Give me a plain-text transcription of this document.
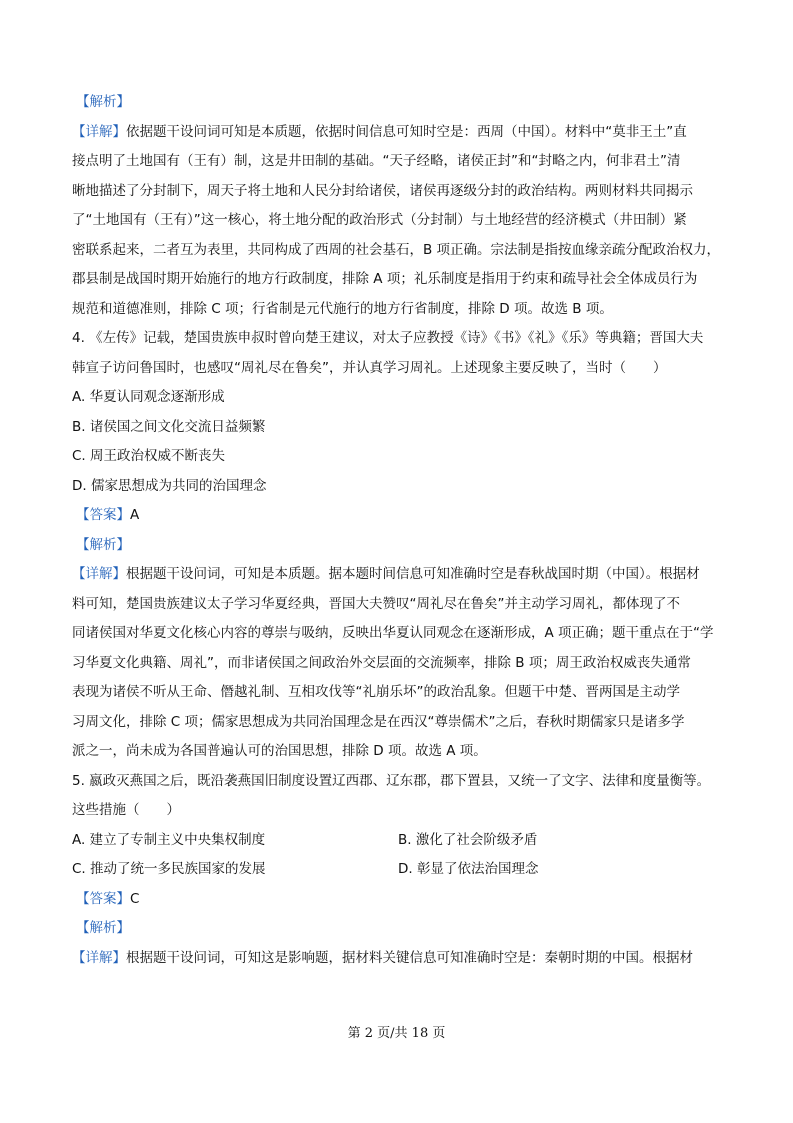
【解析】
【详解】依据题干设问词可知是本质题，依据时间信息可知时空是：西周（中国）。材料中“莫非王土”直
接点明了土地国有（王有）制，这是井田制的基础。“天子经略，诸侯正封”和“封略之内，何非君土”清
晰地描述了分封制下，周天子将土地和人民分封给诸侯，诸侯再逐级分封的政治结构。两则材料共同揭示
了“土地国有（王有）”这一核心，将土地分配的政治形式（分封制）与土地经营的经济模式（井田制）紧
密联系起来，二者互为表里，共同构成了西周的社会基石，B 项正确。宗法制是指按血缘亲疏分配政治权力，
郡县制是战国时期开始施行的地方行政制度，排除 A 项；礼乐制度是指用于约束和疏导社会全体成员行为
规范和道德准则，排除 C 项；行省制是元代施行的地方行省制度，排除 D 项。故选 B 项。
4. 《左传》记载，楚国贵族申叔时曾向楚王建议，对太子应教授《诗》《书》《礼》《乐》等典籍；晋国大夫
韩宣子访问鲁国时，也感叹“周礼尽在鲁矣”，并认真学习周礼。上述现象主要反映了，当时（　　）
A. 华夏认同观念逐渐形成
B. 诸侯国之间文化交流日益频繁
C. 周王政治权威不断丧失
D. 儒家思想成为共同的治国理念
【答案】A
【解析】
【详解】根据题干设问词，可知是本质题。据本题时间信息可知准确时空是春秋战国时期（中国）。根据材
料可知，楚国贵族建议太子学习华夏经典，晋国大夫赞叹“周礼尽在鲁矣”并主动学习周礼，都体现了不
同诸侯国对华夏文化核心内容的尊崇与吸纳，反映出华夏认同观念在逐渐形成，A 项正确；题干重点在于“学
习华夏文化典籍、周礼”，而非诸侯国之间政治外交层面的交流频率，排除 B 项；周王政治权威丧失通常
表现为诸侯不听从王命、僭越礼制、互相攻伐等“礼崩乐坏”的政治乱象。但题干中楚、晋两国是主动学
习周文化，排除 C 项；儒家思想成为共同治国理念是在西汉“尊崇儒术”之后，春秋时期儒家只是诸多学
派之一，尚未成为各国普遍认可的治国思想，排除 D 项。故选 A 项。
5. 嬴政灭燕国之后，既沿袭燕国旧制度设置辽西郡、辽东郡，郡下置县，又统一了文字、法律和度量衡等。
这些措施（　　）
A. 建立了专制主义中央集权制度	B. 激化了社会阶级矛盾
C. 推动了统一多民族国家的发展	D. 彰显了依法治国理念
【答案】C
【解析】
【详解】根据题干设问词，可知这是影响题，据材料关键信息可知准确时空是：秦朝时期的中国。根据材
第 2 页/共 18 页
